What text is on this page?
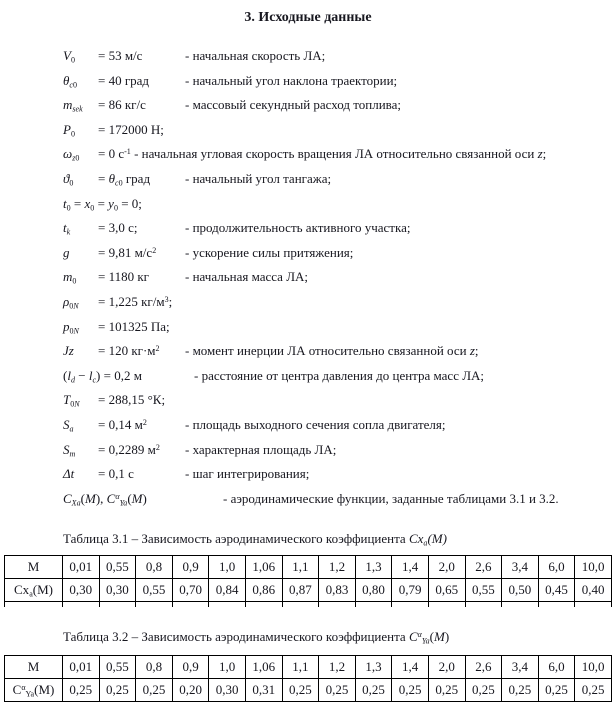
3. Исходные данные
$V_0 = 53$ м/с	- начальная скорость ЛА;
$\theta_{c0} = 40$ град	- начальный угол наклона траектории;
$m_{sek} = 86$ кг/с	- массовый секундный расход топлива;
$P_0 = 172000$ Н;
$\omega_{z0} = 0$ $с^{-1}$ - начальная угловая скорость вращения ЛА относительно связанной оси z;
$ϑ_0 = \theta_{c0}$ град	- начальный угол тангажа;
$t_0 = x_0 = y_0 = 0$;
$t_k = 3,0$ с;	- продолжительность активного участка;
g = 9,81 $м/с^2$ - ускорение силы притяжения;
$m_0 = 1180$ кг	- начальная масса ЛА;
$\rho_{0N} = 1,225$ $кг/м^3$;
$p_{0N} = 101325$ Па;
Jz = 120 $кг\cdot м^2$ - момент инерции ЛА относительно связанной оси z;
$(l_d - l_c) = 0,2$ м	- расстояние от центра давления до центра масс ЛА;
$T_{0N} = 288,15$ °К;
$S_a = 0,14$ $м^2$	- площадь выходного сечения сопла двигателя;
$S_m = 0,2289$ $м^2$ - характерная площадь ЛА;
Δt = 0,1 с	- шаг интегрирования;
$C_{Xa}(M)$, $C^\alpha_{Ya}(M)$	- аэродинамические функции, заданные таблицами 3.1 и 3.2.
Таблица 3.1 – Зависимость аэродинамического коэффициента $Cx_a(M)$
М	0,01	0,55	0,8	0,9	1,0	1,06	1,1	1,2	1,3	1,4	2,0	2,6	3,4	6,0	10,0
$Cx_a(М)$	0,30	0,30	0,55	0,70	0,84	0,86	0,87	0,83	0,80	0,79	0,65	0,55	0,50	0,45	0,40

Таблица 3.2 – Зависимость аэродинамического коэффициента $C^\alpha_{Ya}(M)$
М	0,01	0,55	0,8	0,9	1,0	1,06	1,1	1,2	1,3	1,4	2,0	2,6	3,4	6,0	10,0
$C^\alpha_{Ya}(М)$	0,25	0,25	0,25	0,20	0,30	0,31	0,25	0,25	0,25	0,25	0,25	0,25	0,25	0,25	0,25
